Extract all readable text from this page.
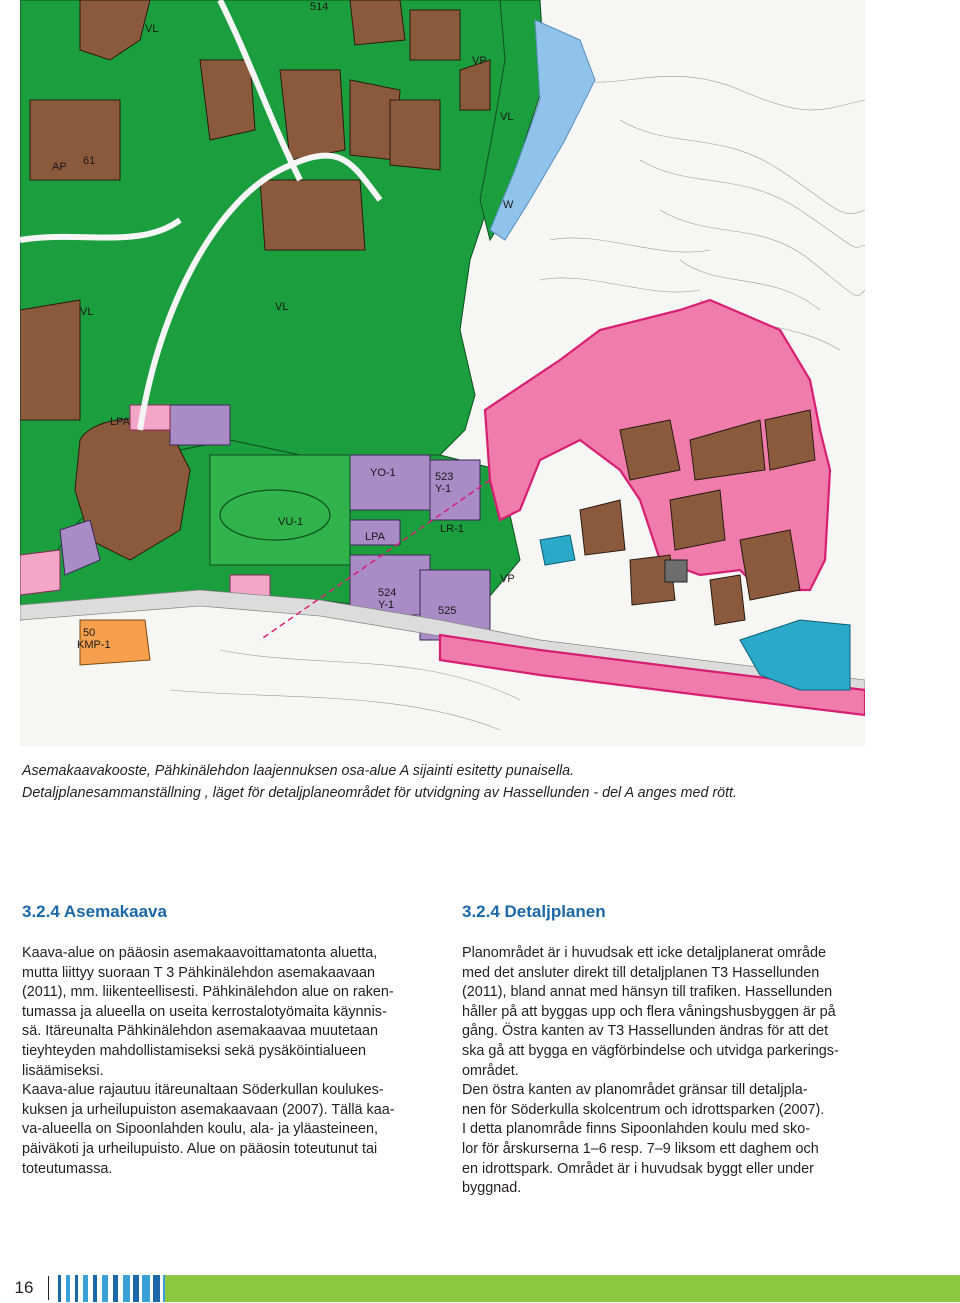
VL
VL	VL
VL
VP
W
AP 61
YO-1
VU-1
LPA
LPA
LR-1
523
Y-1
524
Y-1	525
50
KMP-1
514
VP
Asemakaavakooste, Pähkinälehdon laajennuksen osa-alue A sijainti esitetty punaisella.
Detaljplanesammanställning , läget för detaljplaneområdet för utvidgning av Hassellunden - del A anges med rött.
3.2.4 Asemakaava

Kaava-alue on pääosin asemakaavoittamatonta aluetta,
mutta liittyy suoraan T 3 Pähkinälehdon asemakaavaan
(2011), mm. liikenteellisesti. Pähkinälehdon alue on raken-
tumassa ja alueella on useita kerrostalotyömaita käynnis-
sä. Itäreunalta Pähkinälehdon asemakaavaa muutetaan
tieyhteyden mahdollistamiseksi sekä pysäköintialueen
lisäämiseksi.
Kaava-alue rajautuu itäreunaltaan Söderkullan koulukes-
kuksen ja urheilupuiston asemakaavaan (2007). Tällä kaa-
va-alueella on Sipoonlahden koulu, ala- ja yläasteineen,
päiväkoti ja urheilupuisto. Alue on pääosin toteutunut tai
toteutumassa.

3.2.4 Detaljplanen

Planområdet är i huvudsak ett icke detaljplanerat område
med det ansluter direkt till detaljplanen T3 Hassellunden
(2011), bland annat med hänsyn till trafiken. Hassellunden
håller på att byggas upp och flera våningshusbyggen är på
gång. Östra kanten av T3 Hassellunden ändras för att det
ska gå att bygga en vägförbindelse och utvidga parkerings-
området.
Den östra kanten av planområdet gränsar till detaljpla-
nen för Söderkulla skolcentrum och idrottsparken (2007).
I detta planområde finns Sipoonlahden koulu med sko-
lor för årskurserna 1–6 resp. 7–9 liksom ett daghem och
en idrottspark. Området är i huvudsak byggt eller under
byggnad.

16
